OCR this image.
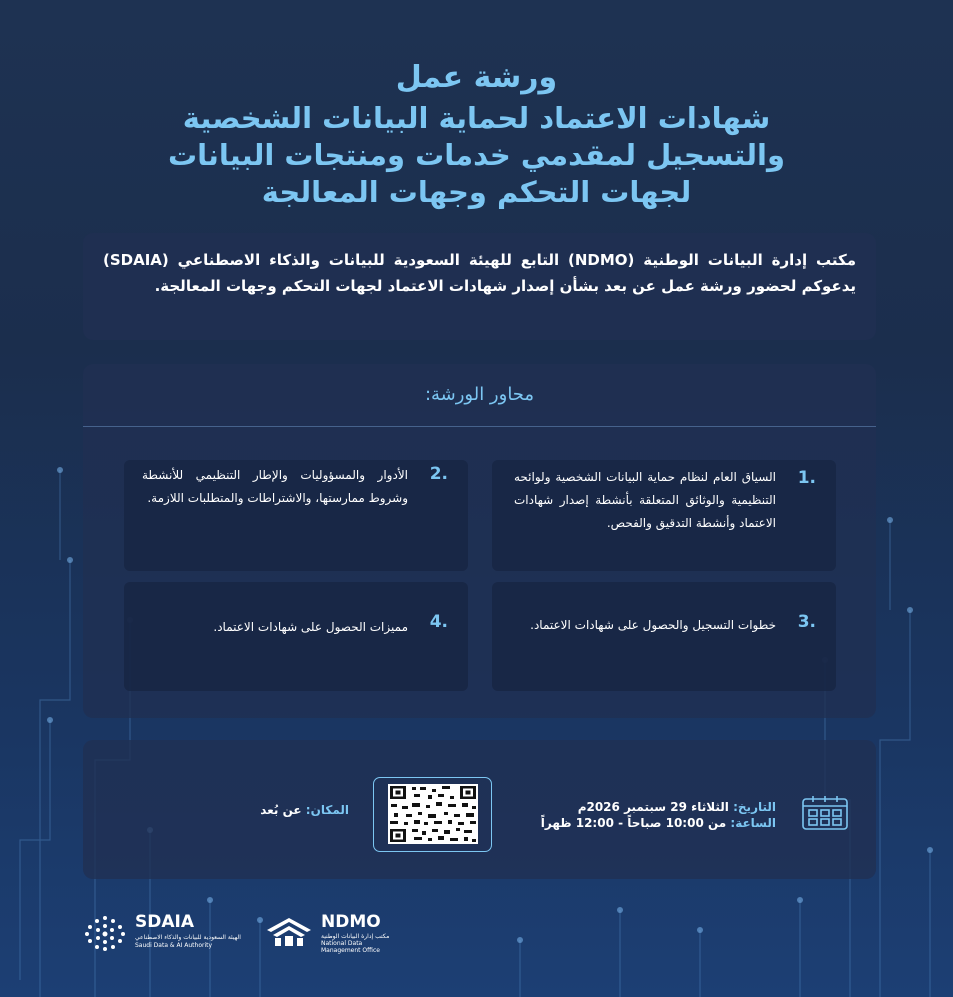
ورشة عمل
شهادات الاعتماد لحماية البيانات الشخصية
والتسجيل لمقدمي خدمات ومنتجات البيانات
لجهات التحكم وجهات المعالجة

مكتب إدارة البيانات الوطنية (NDMO) التابع للهيئة السعودية للبيانات والذكاء الاصطناعي (SDAIA) يدعوكم لحضور ورشة عمل عن بعد بشأن إصدار شهادات الاعتماد لجهات التحكم وجهات المعالجة.

محاور الورشة:
1.
السياق العام لنظام حماية البيانات الشخصية ولوائحه التنظيمية والوثائق المتعلقة بأنشطة إصدار شهادات الاعتماد وأنشطة التدقيق والفحص.
2.
الأدوار والمسؤوليات والإطار التنظيمي للأنشطة وشروط ممارستها، والاشتراطات والمتطلبات اللازمة.
3.
خطوات التسجيل والحصول على شهادات الاعتماد.
4.
مميزات الحصول على شهادات الاعتماد.
التاريخ: الثلاثاء 29 سبتمبر 2026م
الساعة: من 10:00 صباحاً - 12:00 ظهراً
المكان: عن بُعد
SDAIA
الهيئة السعودية للبيانات والذكاء الاصطناعي
Saudi Data & AI Authority
NDMO
مكتب إدارة البيانات الوطنية
National Data
Management Office
